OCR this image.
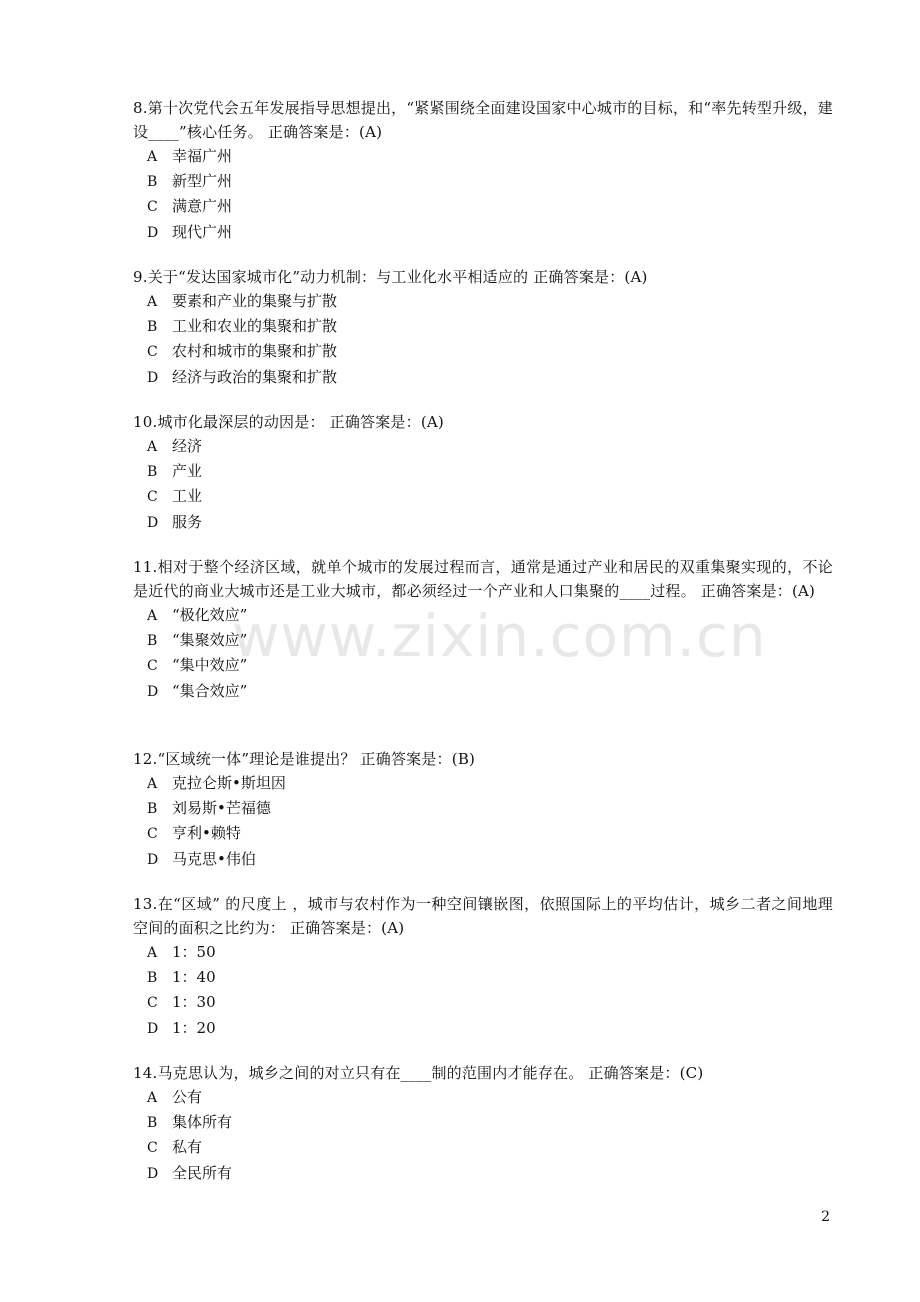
8.第十次党代会五年发展指导思想提出，“紧紧围绕全面建设国家中心城市的目标，和“率先转型升级，建设____”核心任务。 正确答案是：(A)

A 幸福广州
B 新型广州
C 满意广州
D 现代广州

9.关于“发达国家城市化”动力机制：与工业化水平相适应的 正确答案是：(A)

A 要素和产业的集聚与扩散
B 工业和农业的集聚和扩散
C 农村和城市的集聚和扩散
D 经济与政治的集聚和扩散

10.城市化最深层的动因是： 正确答案是：(A)

A 经济
B 产业
C 工业
D 服务

11.相对于整个经济区域，就单个城市的发展过程而言，通常是通过产业和居民的双重集聚实现的，不论是近代的商业大城市还是工业大城市，都必须经过一个产业和人口集聚的____过程。 正确答案是：(A)

A “极化效应”
B “集聚效应”
C “集中效应”
D “集合效应”

12.“区域统一体”理论是谁提出？ 正确答案是：(B)

A 克拉仑斯•斯坦因
B 刘易斯•芒福德
C 亨利•赖特
D 马克思•伟伯

13.在“区域” 的尺度上 ，城市与农村作为一种空间镶嵌图，依照国际上的平均估计，城乡二者之间地理空间的面积之比约为： 正确答案是：(A)

A 1：50
B 1：40
C 1：30
D 1：20

14.马克思认为，城乡之间的对立只有在____制的范围内才能存在。 正确答案是：(C)

A 公有
B 集体所有
C 私有
D 全民所有
www.zixin.com.cn
2
